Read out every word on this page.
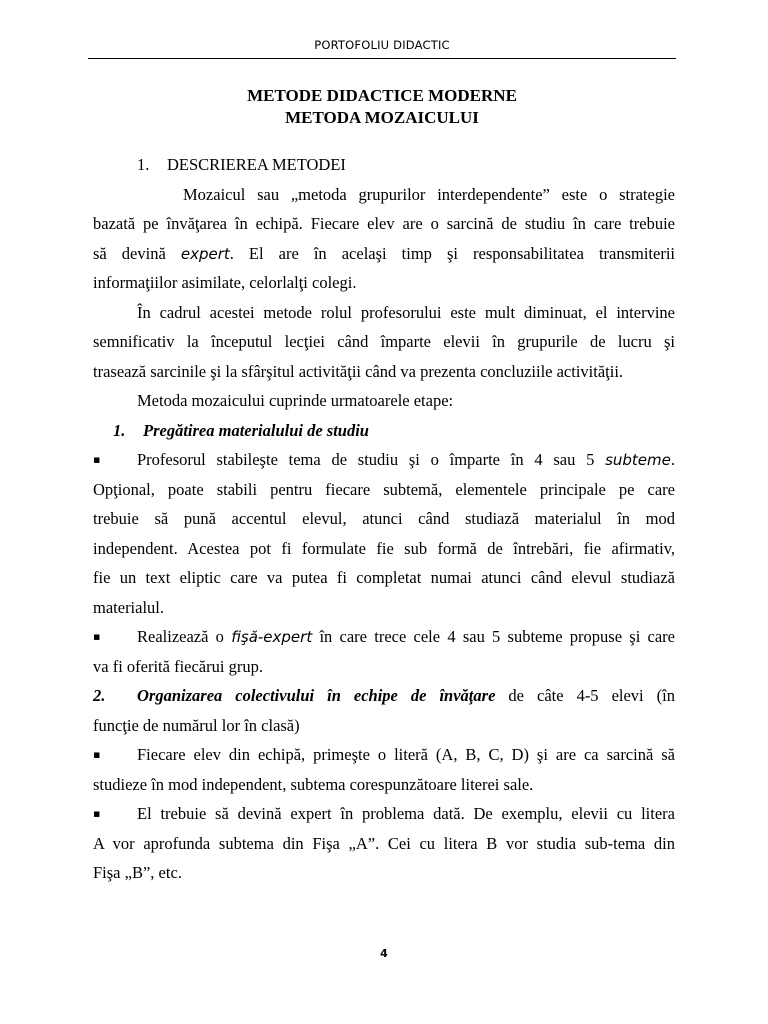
PORTOFOLIU DIDACTIC
METODE DIDACTICE MODERNE
METODA MOZAICULUI
1. DESCRIEREA METODEI
Mozaicul sau „metoda grupurilor interdependente” este o strategie
bazată pe învăţarea în echipă. Fiecare elev are o sarcină de studiu în care trebuie
să devină expert. El are în acelaşi timp şi responsabilitatea transmiterii
informaţiilor asimilate, celorlalţi colegi.
În cadrul acestei metode rolul profesorului este mult diminuat, el intervine
semnificativ la începutul lecţiei când împarte elevii în grupurile de lucru şi
trasează sarcinile şi la sfârşitul activităţii când va prezenta concluziile activităţii.
Metoda mozaicului cuprinde urmatoarele etape:
1. Pregătirea materialului de studiu
▪ Profesorul stabileşte tema de studiu şi o împarte în 4 sau 5 subteme.
Opţional, poate stabili pentru fiecare subtemă, elementele principale pe care
trebuie să pună accentul elevul, atunci când studiază materialul în mod
independent. Acestea pot fi formulate fie sub formă de întrebări, fie afirmativ,
fie un text eliptic care va putea fi completat numai atunci când elevul studiază
materialul.
▪ Realizează o fişă-expert în care trece cele 4 sau 5 subteme propuse şi care
va fi oferită fiecărui grup.
2. Organizarea colectivului în echipe de învăţare de câte 4-5 elevi (în
funcţie de numărul lor în clasă)
▪ Fiecare elev din echipă, primeşte o literă (A, B, C, D) şi are ca sarcină să
studieze în mod independent, subtema corespunzătoare literei sale.
▪ El trebuie să devină expert în problema dată. De exemplu, elevii cu litera
A vor aprofunda subtema din Fişa „A”. Cei cu litera B vor studia sub-tema din
Fişa „B”, etc.
4
